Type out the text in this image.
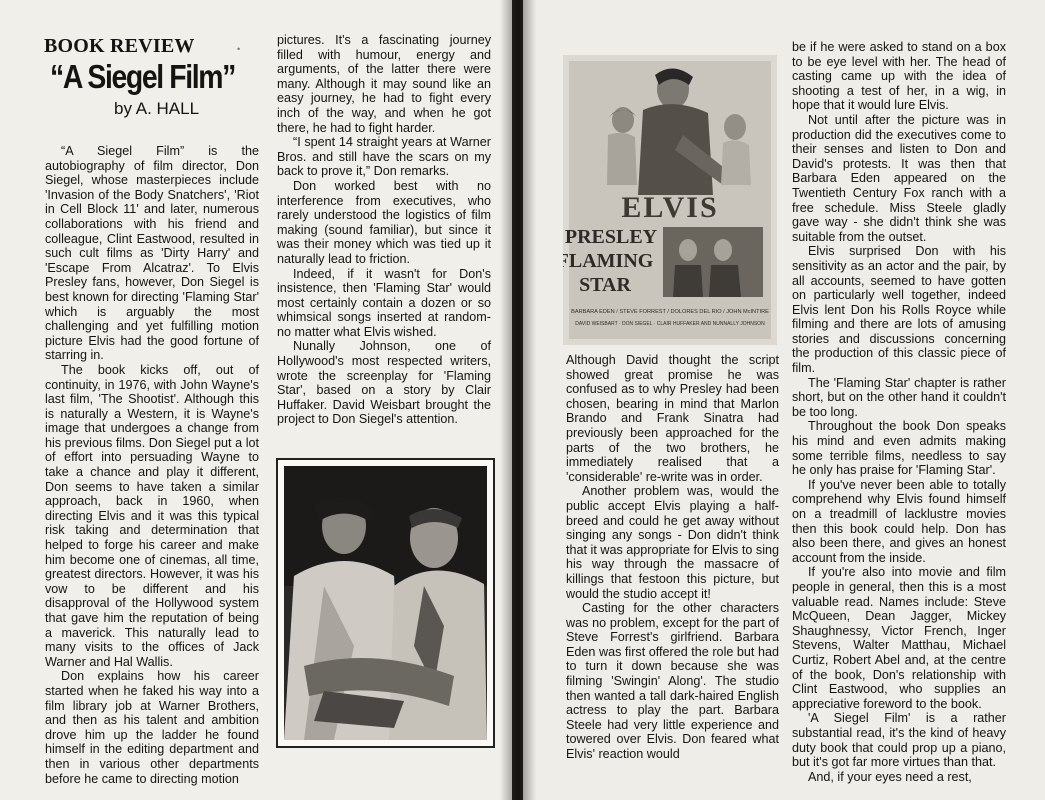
BOOK REVIEW	•
“A Siegel Film”
by A. HALL

“A Siegel Film” is the autobiography of film director, Don Siegel, whose masterpieces include 'Invasion of the Body Snatchers', 'Riot in Cell Block 11' and later, numerous collaborations with his friend and colleague, Clint Eastwood, resulted in such cult films as 'Dirty Harry' and 'Escape From Alcatraz'. To Elvis Presley fans, however, Don Siegel is best known for directing 'Flaming Star' which is arguably the most challenging and yet fulfilling motion picture Elvis had the good fortune of starring in.

The book kicks off, out of continuity, in 1976, with John Wayne's last film, 'The Shootist'. Although this is naturally a Western, it is Wayne's image that undergoes a change from his previous films. Don Siegel put a lot of effort into persuading Wayne to take a chance and play it different, Don seems to have taken a similar approach, back in 1960, when directing Elvis and it was this typical risk taking and determination that helped to forge his career and make him become one of cinemas, all time, greatest directors. However, it was his vow to be different and his disapproval of the Hollywood system that gave him the reputation of being a maverick. This naturally lead to many visits to the offices of Jack Warner and Hal Wallis.

Don explains how his career started when he faked his way into a film library job at Warner Brothers, and then as his talent and ambition drove him up the ladder he found himself in the editing department and then in various other departments before he came to directing motion

pictures. It's a fascinating journey filled with humour, energy and arguments, of the latter there were many. Although it may sound like an easy journey, he had to fight every inch of the way, and when he got there, he had to fight harder.

“I spent 14 straight years at Warner Bros. and still have the scars on my back to prove it,” Don remarks.

Don worked best with no interference from executives, who rarely understood the logistics of film making (sound familiar), but since it was their money which was tied up it naturally lead to friction.

Indeed, if it wasn't for Don's insistence, then 'Flaming Star' would most certainly contain a dozen or so whimsical songs inserted at random- no matter what Elvis wished.

Nunally Johnson, one of Hollywood's most respected writers, wrote the screenplay for 'Flaming Star', based on a story by Clair Huffaker. David Weisbart brought the project to Don Siegel's attention.

ELVIS
PRESLEY
FLAMING
STAR
BARBARA EDEN / STEVE FORREST / DOLORES DEL RIO / JOHN McINTIRE
DAVID WEISBART · DON SIEGEL · CLAIR HUFFAKER AND NUNNALLY JOHNSON

Although David thought the script showed great promise he was confused as to why Presley had been chosen, bearing in mind that Marlon Brando and Frank Sinatra had previously been approached for the parts of the two brothers, he immediately realised that a 'considerable' re-write was in order.

Another problem was, would the public accept Elvis playing a half-breed and could he get away without singing any songs - Don didn't think that it was appropriate for Elvis to sing his way through the massacre of killings that festoon this picture, but would the studio accept it!

Casting for the other characters was no problem, except for the part of Steve Forrest's girlfriend. Barbara Eden was first offered the role but had to turn it down because she was filming 'Swingin' Along'. The studio then wanted a tall dark-haired English actress to play the part. Barbara Steele had very little experience and towered over Elvis. Don feared what Elvis' reaction would

be if he were asked to stand on a box to be eye level with her. The head of casting came up with the idea of shooting a test of her, in a wig, in hope that it would lure Elvis.

Not until after the picture was in production did the executives come to their senses and listen to Don and David's protests. It was then that Barbara Eden appeared on the Twentieth Century Fox ranch with a free schedule. Miss Steele gladly gave way - she didn't think she was suitable from the outset.

Elvis surprised Don with his sensitivity as an actor and the pair, by all accounts, seemed to have gotten on particularly well together, indeed Elvis lent Don his Rolls Royce while filming and there are lots of amusing stories and discussions concerning the production of this classic piece of film.

The 'Flaming Star' chapter is rather short, but on the other hand it couldn't be too long.

Throughout the book Don speaks his mind and even admits making some terrible films, needless to say he only has praise for 'Flaming Star'.

If you've never been able to totally comprehend why Elvis found himself on a treadmill of lacklustre movies then this book could help. Don has also been there, and gives an honest account from the inside.

If you're also into movie and film people in general, then this is a most valuable read. Names include: Steve McQueen, Dean Jagger, Mickey Shaughnessy, Victor French, Inger Stevens, Walter Matthau, Michael Curtiz, Robert Abel and, at the centre of the book, Don's relationship with Clint Eastwood, who supplies an appreciative foreword to the book.

'A Siegel Film' is a rather substantial read, it's the kind of heavy duty book that could prop up a piano, but it's got far more virtues than that.

And, if your eyes need a rest,
